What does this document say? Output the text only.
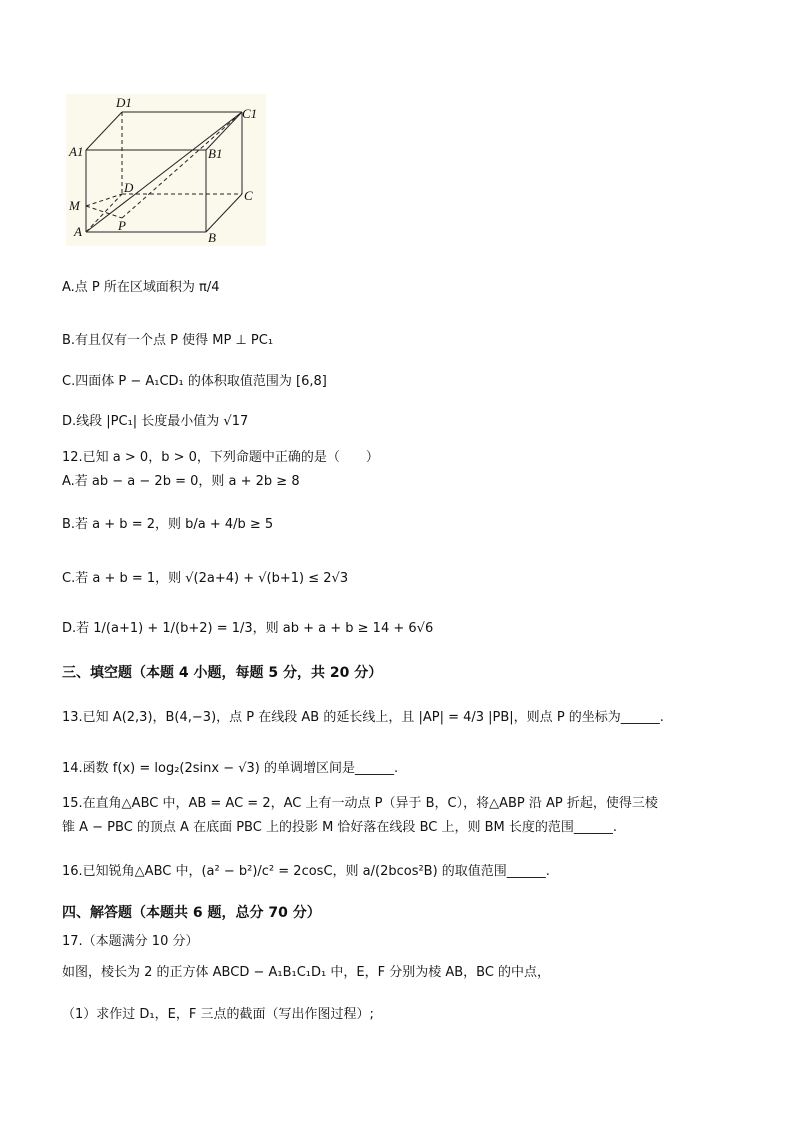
D1
C1
A1	B1
D
C
M
A	P
B
A.点 P 所在区域面积为 π/4
B.有且仅有一个点 P 使得 MP ⊥ PC₁
C.四面体 P − A₁CD₁ 的体积取值范围为 [6,8]
D.线段 |PC₁| 长度最小值为 √17
12.已知 a > 0，b > 0，下列命题中正确的是（　　）
A.若 ab − a − 2b = 0，则 a + 2b ≥ 8
B.若 a + b = 2，则 b/a + 4/b ≥ 5
C.若 a + b = 1，则 √(2a+4) + √(b+1) ≤ 2√3
D.若 1/(a+1) + 1/(b+2) = 1/3，则 ab + a + b ≥ 14 + 6√6
三、填空题（本题 4 小题，每题 5 分，共 20 分）
13.已知 A(2,3)，B(4,−3)，点 P 在线段 AB 的延长线上，且 |AP| = 4/3 |PB|，则点 P 的坐标为______.
14.函数 f(x) = log₂(2sinx − √3) 的单调增区间是______.
15.在直角△ABC 中，AB = AC = 2，AC 上有一动点 P（异于 B，C），将△ABP 沿 AP 折起，使得三棱
锥 A − PBC 的顶点 A 在底面 PBC 上的投影 M 恰好落在线段 BC 上，则 BM 长度的范围______.
16.已知锐角△ABC 中，(a² − b²)/c² = 2cosC，则 a/(2bcos²B) 的取值范围______.
四、解答题（本题共 6 题，总分 70 分）
17.（本题满分 10 分）
如图，棱长为 2 的正方体 ABCD − A₁B₁C₁D₁ 中，E，F 分别为棱 AB，BC 的中点，
（1）求作过 D₁，E，F 三点的截面（写出作图过程）;
